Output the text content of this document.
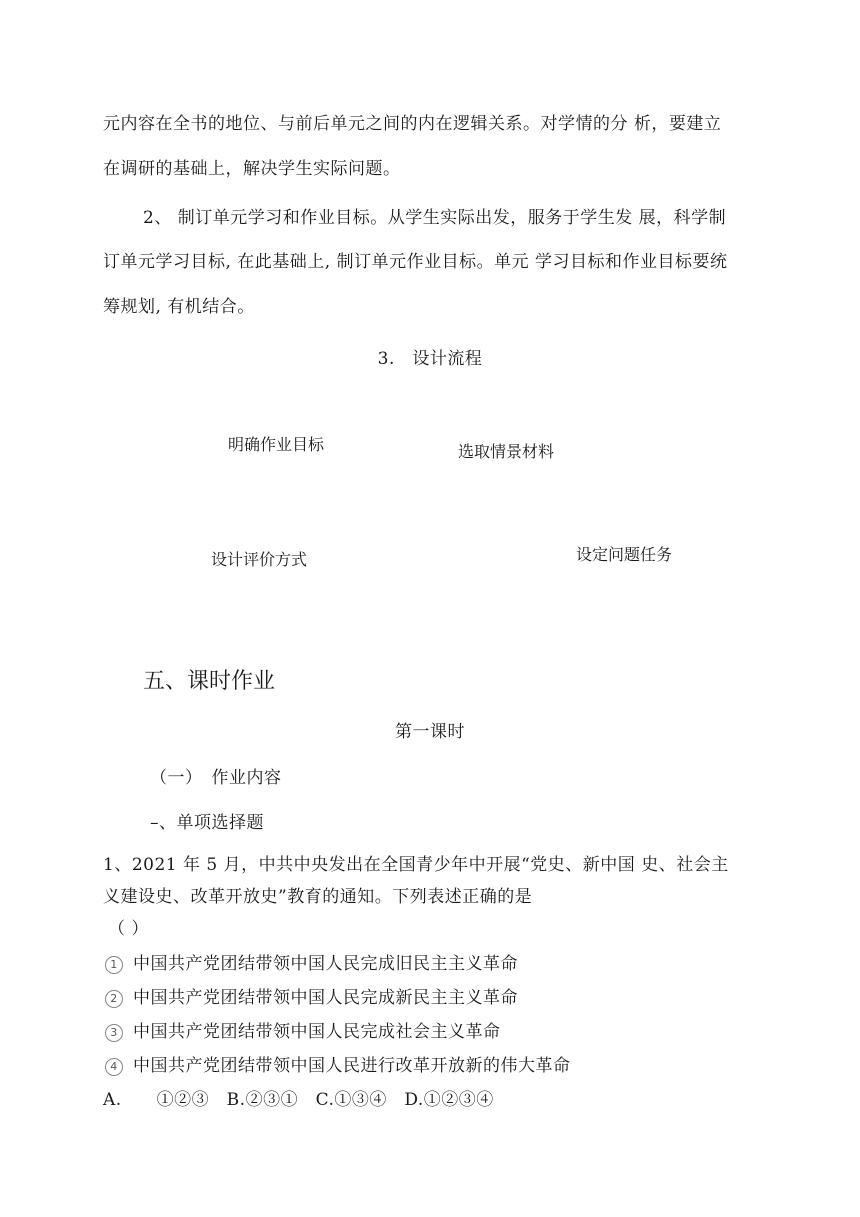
元内容在全书的地位、与前后单元之间的内在逻辑关系。对学情的分 析，要建立
在调研的基础上，解决学生实际问题。
2、 制订单元学习和作业目标。从学生实际出发，服务于学生发 展，科学制
订单元学习目标, 在此基础上, 制订单元作业目标。单元 学习目标和作业目标要统
筹规划, 有机结合。
3.　设计流程
明确作业目标	选取情景材料
设计评价方式	设定问题任务
五、课时作业
第一课时
（一）　作业内容
–、单项选择题
1、2021 年 5 月，中共中央发出在全国青少年中开展“党史、新中国 史、社会主
义建设史、改革开放史”教育的通知。下列表述正确的是
（ ）
1 中国共产党团结带领中国人民完成旧民主主义革命
2 中国共产党团结带领中国人民完成新民主主义革命
3 中国共产党团结带领中国人民完成社会主义革命
4 中国共产党团结带领中国人民进行改革开放新的伟大革命
A.　　①②③　B.②③①　C.①③④　D.①②③④
